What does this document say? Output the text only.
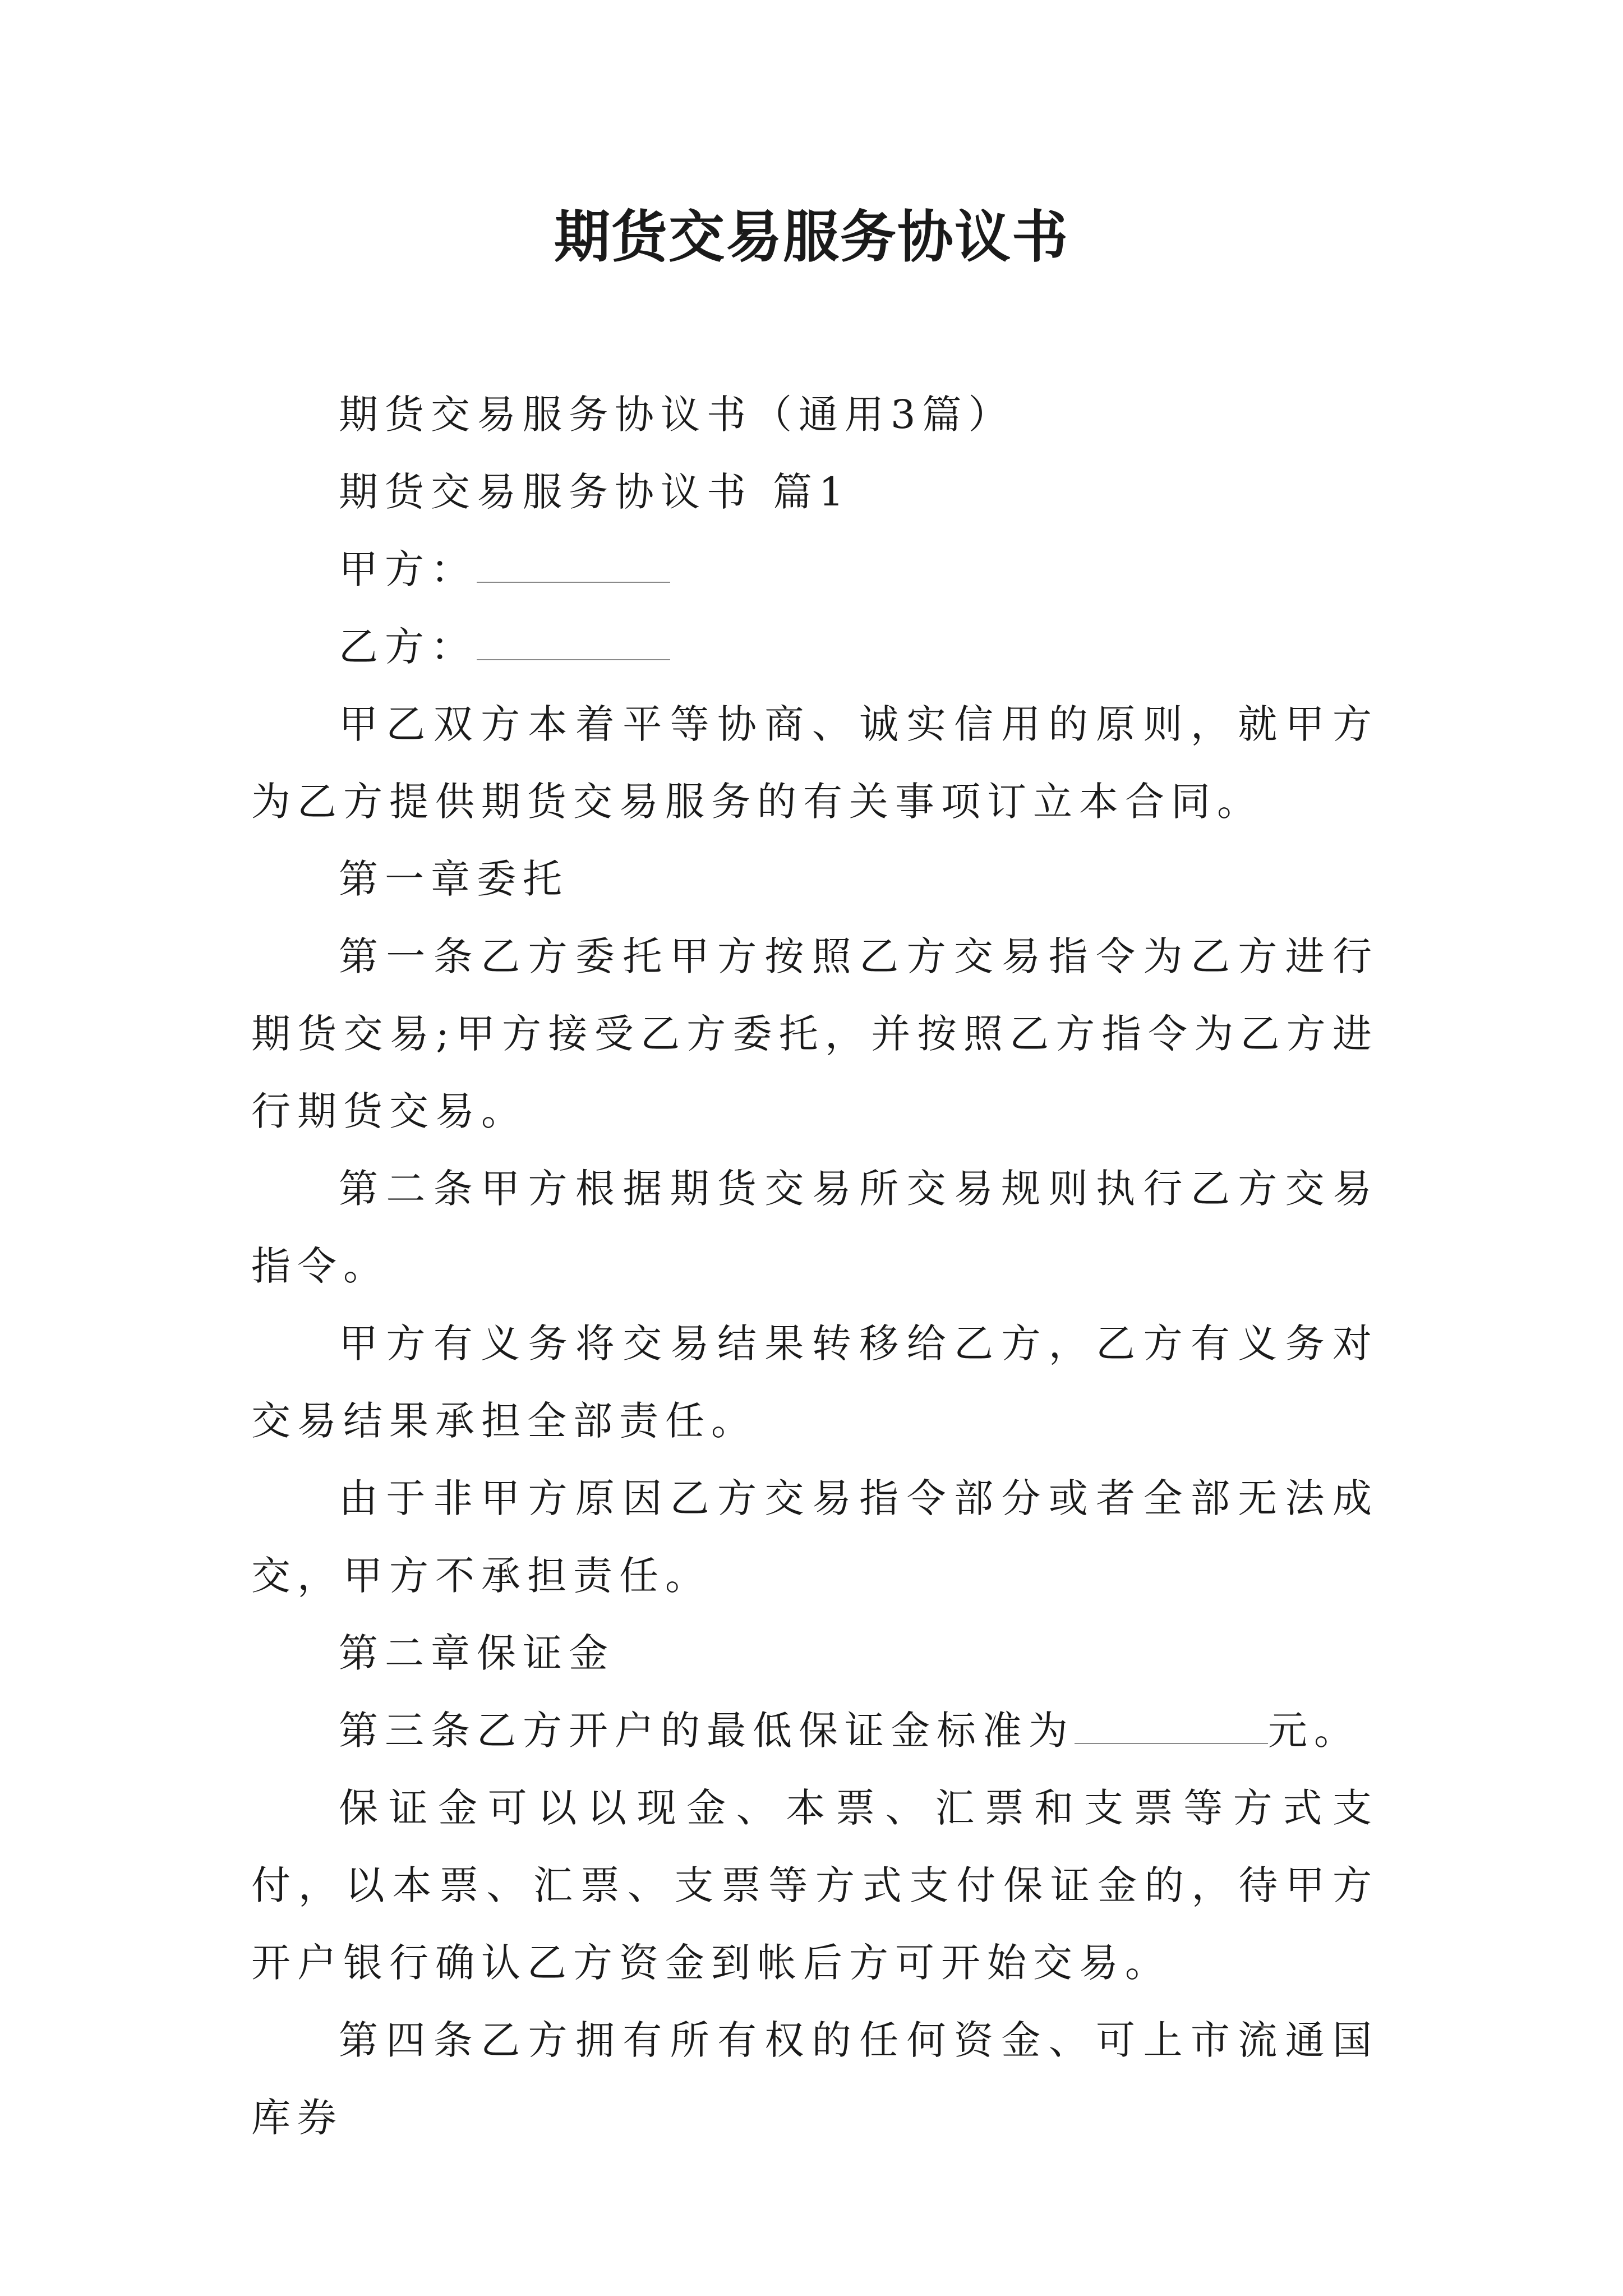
期货交易服务协议书

期货交易服务协议书（通用3篇）

期货交易服务协议书 篇1

甲方：

乙方：

甲乙双方本着平等协商、诚实信用的原则，就甲方为乙方提供期货交易服务的有关事项订立本合同。

第一章委托

第一条乙方委托甲方按照乙方交易指令为乙方进行期货交易;甲方接受乙方委托，并按照乙方指令为乙方进行期货交易。

第二条甲方根据期货交易所交易规则执行乙方交易指令。

甲方有义务将交易结果转移给乙方，乙方有义务对交易结果承担全部责任。

由于非甲方原因乙方交易指令部分或者全部无法成交，甲方不承担责任。

第二章保证金

第三条乙方开户的最低保证金标准为	元。

保证金可以以现金、本票、汇票和支票等方式支付，以本票、汇票、支票等方式支付保证金的，待甲方开户银行确认乙方资金到帐后方可开始交易。

第四条乙方拥有所有权的任何资金、可上市流通国库券
